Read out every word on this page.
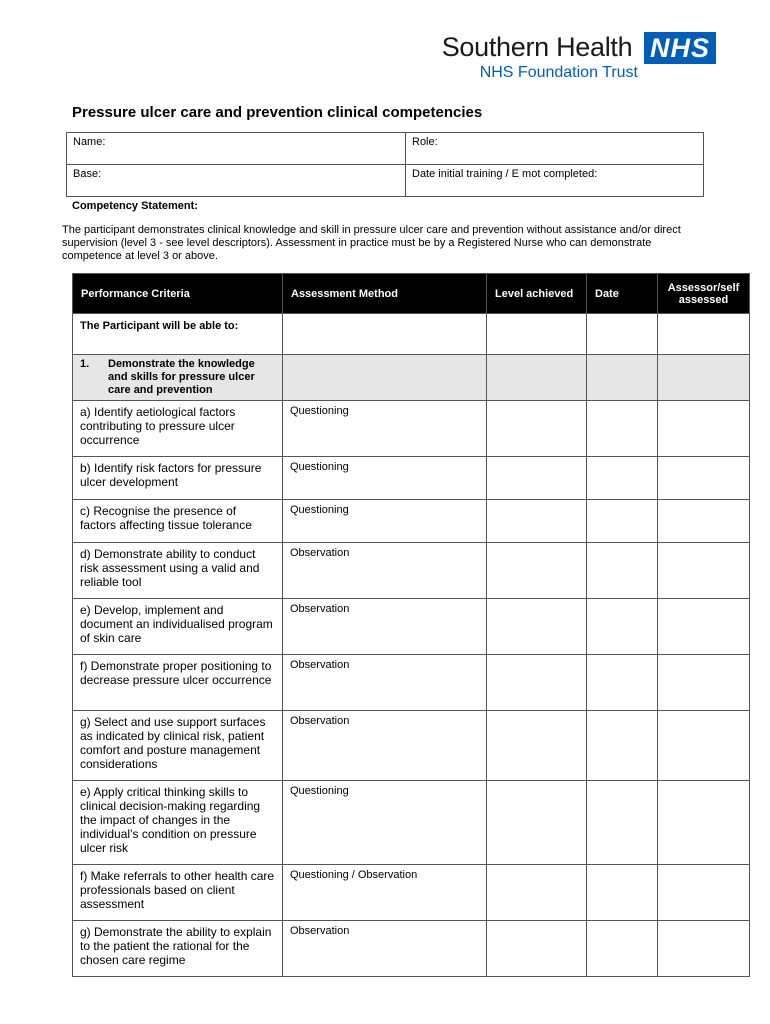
Southern Health
NHS Foundation Trust
NHS
Pressure ulcer care and prevention clinical competencies
Name:	Role:
Base:	Date initial training / E mot completed:
Competency Statement:
The participant demonstrates clinical knowledge and skill in pressure ulcer care and prevention without assistance and/or direct supervision (level 3 - see level descriptors). Assessment in practice must be by a Registered Nurse who can demonstrate competence at level 3 or above.
Performance Criteria	Assessment Method	Level achieved	Date	Assessor/self assessed
The Participant will be able to:				
1. Demonstrate the knowledge and skills for pressure ulcer care and prevention				
a) Identify aetiological factors contributing to pressure ulcer occurrence	Questioning			
b) Identify risk factors for pressure ulcer development	Questioning			
c) Recognise the presence of factors affecting tissue tolerance	Questioning			
d) Demonstrate ability to conduct risk assessment using a valid and reliable tool	Observation			
e) Develop, implement and document an individualised program of skin care	Observation			
f) Demonstrate proper positioning to decrease pressure ulcer occurrence	Observation			
g) Select and use support surfaces as indicated by clinical risk, patient comfort and posture management considerations	Observation			
e) Apply critical thinking skills to clinical decision-making regarding the impact of changes in the individual’s condition on pressure ulcer risk	Questioning			
f) Make referrals to other health care professionals based on client assessment	Questioning / Observation			
g) Demonstrate the ability to explain to the patient the rational for the chosen care regime	Observation			
